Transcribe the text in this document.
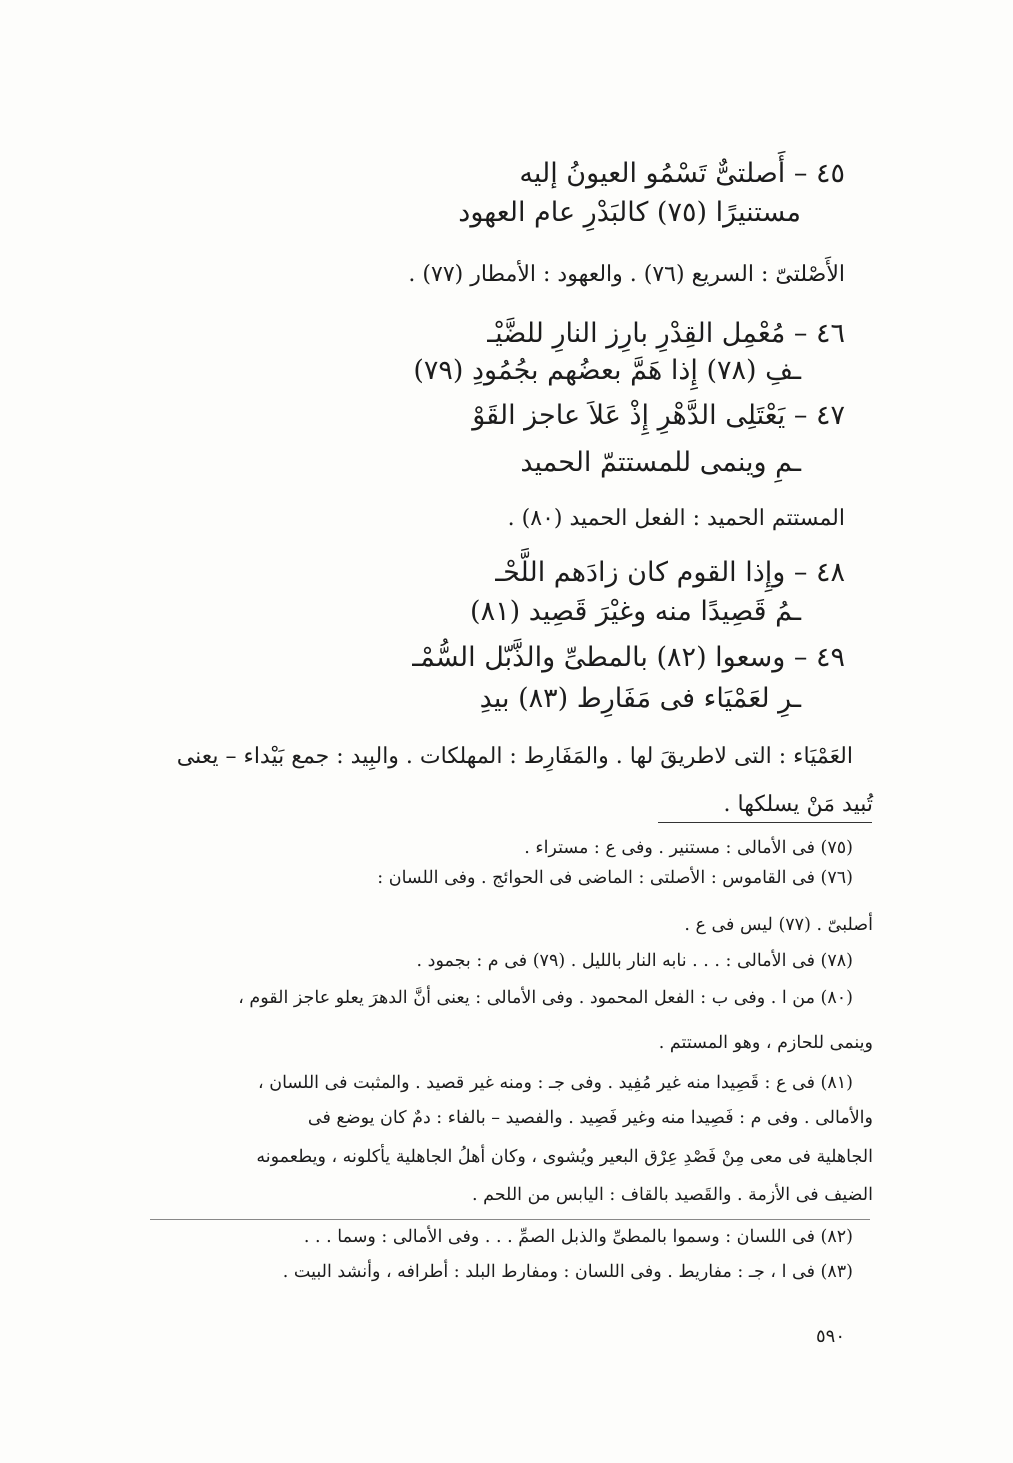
٤٥ – أَصلتىٌّ تَسْمُو العيونُ إليه
مستنيرًا (٧٥) كالبَدْرِ عام العهود
الأَصْلتىّ : السريع (٧٦) . والعهود : الأمطار (٧٧) .
٤٦ – مُعْمِل القِدْرِ بارِز النارِ للضَّيْـ
ـفِ (٧٨) إِذا هَمَّ بعضُهم بجُمُودِ (٧٩)
٤٧ – يَعْتَلِى الدَّهْرِ إِذْ عَلاَ عاجز القَوْ
ـمِ وينمى للمستتمّ الحميد
المستتم الحميد : الفعل الحميد (٨٠) .
٤٨ – وإِذا القوم كان زادَهم اللَّحْـ
ـمُ قَصِيدًا منه وغيْرَ قَصِيد (٨١)
٤٩ – وسعوا (٨٢) بالمطىِّ والذَّبّل السُّمْـ
ـرِ لعَمْيَاء فى مَفَارِط (٨٣) بيدِ
العَمْيَاء : التى لاطريقَ لها . والمَفَارِط : المهلكات . والبِيد : جمع بَيْداء – يعنى
تُبيد مَنْ يسلكها .
(٧٥) فى الأمالى : مستنير . وفى ع : مستراء .
(٧٦) فى القاموس : الأصلتى : الماضى فى الحوائج . وفى اللسان :
أصلبىّ . (٧٧) ليس فى ع .
(٧٨) فى الأمالى : . . . نابه النار بالليل . (٧٩) فى م : بجمود .
(٨٠) من ا . وفى ب : الفعل المحمود . وفى الأمالى : يعنى أنَّ الدهرَ يعلو عاجز القوم ،
وينمى للحازم ، وهو المستتم .
(٨١) فى ع : قَصِيدا منه غير مُفِيد . وفى جـ : ومنه غير قصيد . والمثبت فى اللسان ،
والأمالى . وفى م : فَصِيدا منه وغير فَصِيد . والفصيد – بالفاء : دمٌ كان يوضع فى
الجاهلية فى معى مِنْ فَصْدِ عِرْق البعير ويُشوى ، وكان أهلُ الجاهلية يأكلونه ، ويطعمونه
الضيف فى الأزمة . والقَصيد بالقاف : اليابس من اللحم .
(٨٢) فى اللسان : وسموا بالمطىِّ والذبل الصمِّ . . . وفى الأمالى : وسما . . .
(٨٣) فى ا ، جـ : مفاريط . وفى اللسان : ومفارط البلد : أطرافه ، وأنشد البيت .
٥٩٠
